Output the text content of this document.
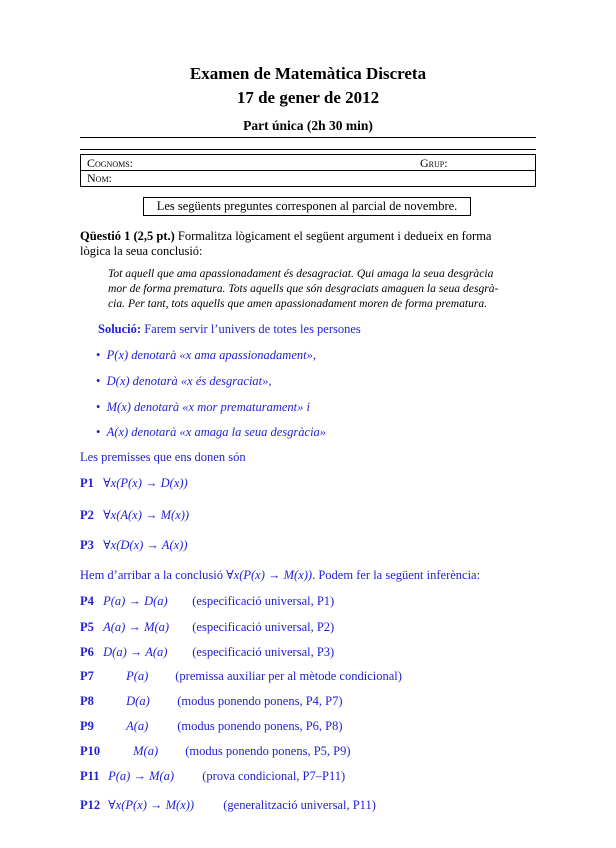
Examen de Matemàtica Discreta
17 de gener de 2012
Part única (2h 30 min)
Cognoms:	Grup:
Nom:
Les següents preguntes corresponen al parcial de novembre.
Qüestió 1 (2,5 pt.) Formalitza lògicament el següent argument i dedueix en forma
lògica la seua conclusió:
Tot aquell que ama apassionadament és desagraciat. Qui amaga la seua desgràcia
mor de forma prematura. Tots aquells que són desgraciats amaguen la seua desgrà-
cia. Per tant, tots aquells que amen apassionadament moren de forma prematura.
Solució: Farem servir l’univers de totes les persones
•  P(x) denotarà «x ama apassionadament»,
•  D(x) denotarà «x és desgraciat»,
•  M(x) denotarà «x mor prematurament» i
•  A(x) denotarà «x amaga la seua desgràcia»
Les premisses que ens donen són
P1 ∀x(P(x) → D(x))
P2 ∀x(A(x) → M(x))
P3 ∀x(D(x) → A(x))
Hem d’arribar a la conclusió ∀x(P(x) → M(x)). Podem fer la següent inferència:
P4 P(a) → D(a) (especificació universal, P1)
P5 A(a) → M(a) (especificació universal, P2)
P6 D(a) → A(a) (especificació universal, P3)
P7	P(a) (premissa auxiliar per al mètode condicional)
P8	D(a) (modus ponendo ponens, P4, P7)
P9	A(a) (modus ponendo ponens, P6, P8)
P10	M(a) (modus ponendo ponens, P5, P9)
P11 P(a) → M(a) (prova condicional, P7–P11)
P12 ∀x(P(x) → M(x)) (generalització universal, P11)
